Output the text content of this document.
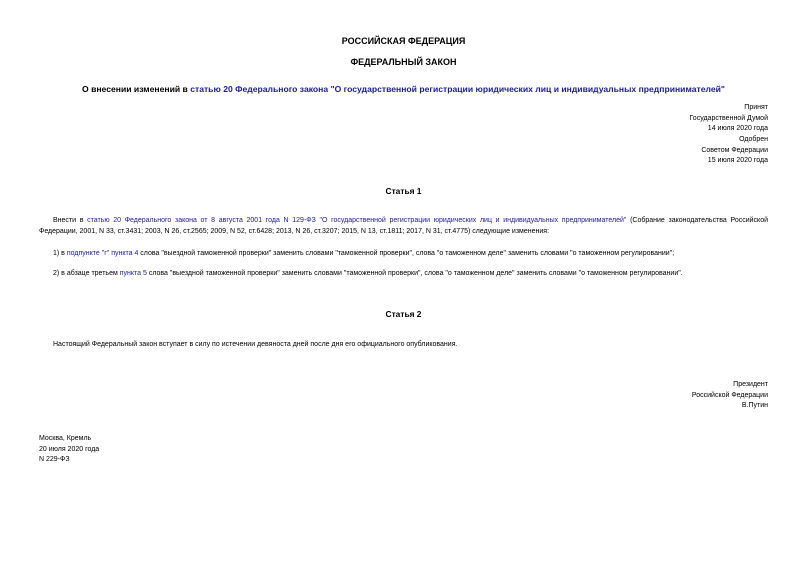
РОССИЙСКАЯ ФЕДЕРАЦИЯ
ФЕДЕРАЛЬНЫЙ ЗАКОН
О внесении изменений в статью 20 Федерального закона "О государственной регистрации юридических лиц и индивидуальных предпринимателей"
Принят
Государственной Думой
14 июля 2020 года
Одобрен
Советом Федерации
15 июля 2020 года
Статья 1
Внести в статью 20 Федерального закона от 8 августа 2001 года N 129-ФЗ "О государственной регистрации юридических лиц и индивидуальных предпринимателей" (Собрание законодательства Российской Федерации, 2001, N 33, ст.3431; 2003, N 26, ст.2565; 2009, N 52, ст.6428; 2013, N 26, ст.3207; 2015, N 13, ст.1811; 2017, N 31, ст.4775) следующие изменения:
1) в подпункте "г" пункта 4 слова "выездной таможенной проверки" заменить словами "таможенной проверки", слова "о таможенном деле" заменить словами "о таможенном регулировании";
2) в абзаце третьем пункта 5 слова "выездной таможенной проверки" заменить словами "таможенной проверки", слова "о таможенном деле" заменить словами "о таможенном регулировании".
Статья 2
Настоящий Федеральный закон вступает в силу по истечении девяноста дней после дня его официального опубликования.
Президент
Российской Федерации
В.Путин
Москва, Кремль
20 июля 2020 года
N 229-ФЗ
